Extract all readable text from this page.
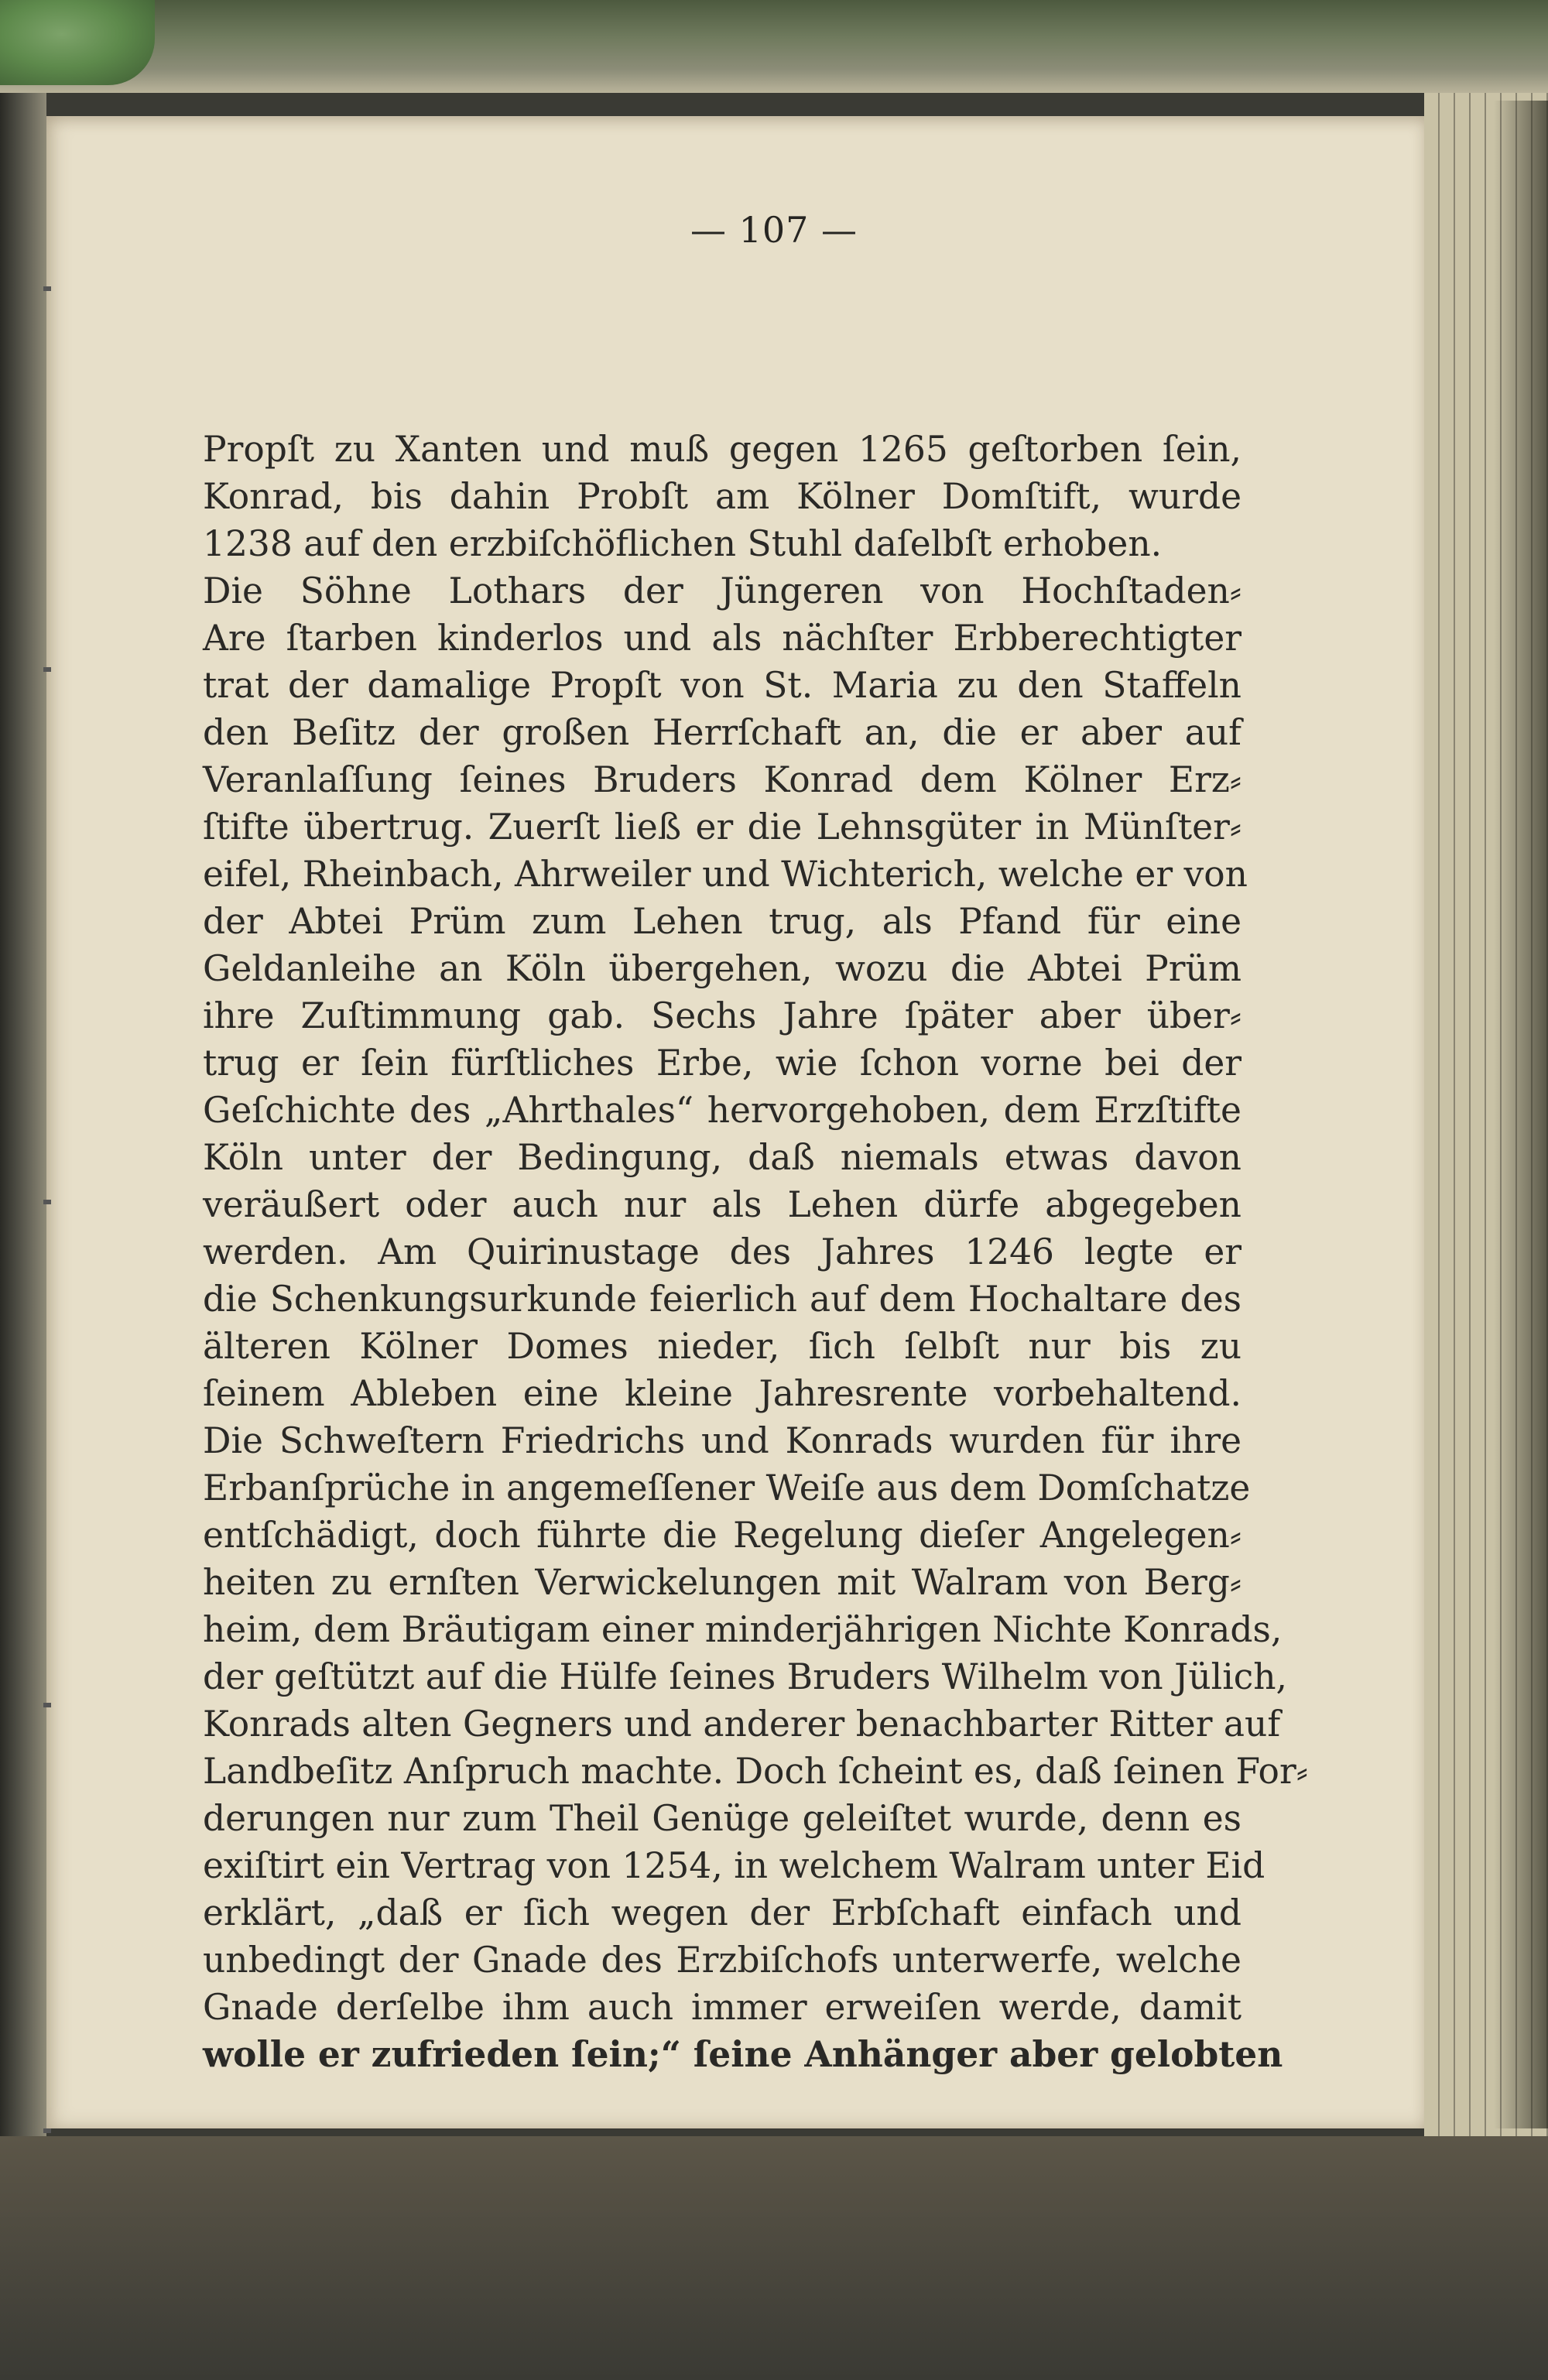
— 107 —
Propſt zu Xanten und muß gegen 1265 geſtorben ſein,
Konrad, bis dahin Probſt am Kölner Domſtift, wurde
1238 auf den erzbiſchöflichen Stuhl daſelbſt erhoben.
Die Söhne Lothars der Jüngeren von Hochſtaden⸗
Are ſtarben kinderlos und als nächſter Erbberechtigter
trat der damalige Propſt von St. Maria zu den Staffeln
den Beſitz der großen Herrſchaft an, die er aber auf
Veranlaſſung ſeines Bruders Konrad dem Kölner Erz⸗
ſtifte übertrug. Zuerſt ließ er die Lehnsgüter in Münſter⸗
eifel, Rheinbach, Ahrweiler und Wichterich, welche er von
der Abtei Prüm zum Lehen trug, als Pfand für eine
Geldanleihe an Köln übergehen, wozu die Abtei Prüm
ihre Zuſtimmung gab. Sechs Jahre ſpäter aber über⸗
trug er ſein fürſtliches Erbe, wie ſchon vorne bei der
Geſchichte des „Ahrthales“ hervorgehoben, dem Erzſtifte
Köln unter der Bedingung, daß niemals etwas davon
veräußert oder auch nur als Lehen dürfe abgegeben
werden. Am Quirinustage des Jahres 1246 legte er
die Schenkungsurkunde feierlich auf dem Hochaltare des
älteren Kölner Domes nieder, ſich ſelbſt nur bis zu
ſeinem Ableben eine kleine Jahresrente vorbehaltend.
Die Schweſtern Friedrichs und Konrads wurden für ihre
Erbanſprüche in angemeſſener Weiſe aus dem Domſchatze
entſchädigt, doch führte die Regelung dieſer Angelegen⸗
heiten zu ernſten Verwickelungen mit Walram von Berg⸗
heim, dem Bräutigam einer minderjährigen Nichte Konrads,
der geſtützt auf die Hülfe ſeines Bruders Wilhelm von Jülich,
Konrads alten Gegners und anderer benachbarter Ritter auf
Landbeſitz Anſpruch machte. Doch ſcheint es, daß ſeinen For⸗
derungen nur zum Theil Genüge geleiſtet wurde, denn es
exiſtirt ein Vertrag von 1254, in welchem Walram unter Eid
erklärt, „daß er ſich wegen der Erbſchaft einfach und
unbedingt der Gnade des Erzbiſchofs unterwerfe, welche
Gnade derſelbe ihm auch immer erweiſen werde, damit
wolle er zufrieden ſein;“ ſeine Anhänger aber gelobten
